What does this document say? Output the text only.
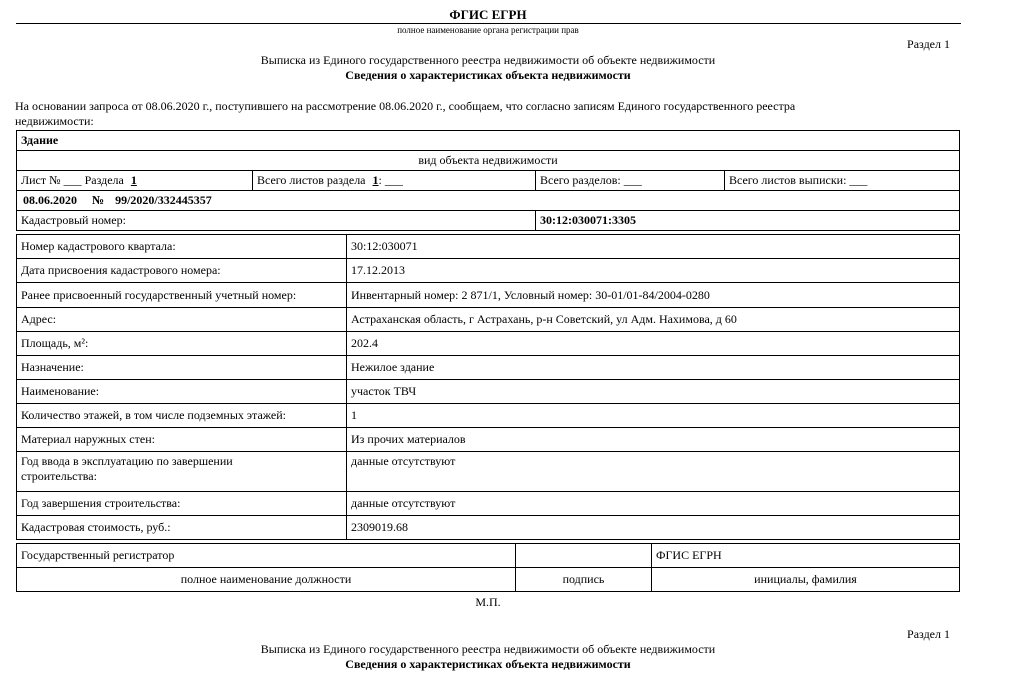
ФГИС ЕГРН
полное наименование органа регистрации прав
Раздел 1
Выписка из Единого государственного реестра недвижимости об объекте недвижимости
Сведения о характеристиках объекта недвижимости
На основании запроса от 08.06.2020 г., поступившего на рассмотрение 08.06.2020 г., сообщаем, что согласно записям Единого государственного реестра
недвижимости:
Здание			
вид объекта недвижимости			
Лист № ___ Раздела 1	Всего листов раздела 1: ___	Всего разделов: ___	Всего листов выписки: ___
08.06.2020 № 99/2020/332445357			
Кадастровый номер:		30:12:030071:3305	
Номер кадастрового квартала:	30:12:030071
Дата присвоения кадастрового номера:	17.12.2013
Ранее присвоенный государственный учетный номер:	Инвентарный номер: 2 871/1, Условный номер: 30-01/01-84/2004-0280
Адрес:	Астраханская область, г Астрахань, р-н Советский, ул Адм. Нахимова, д 60
Площадь, м²:	202.4
Назначение:	Нежилое здание
Наименование:	участок ТВЧ
Количество этажей, в том числе подземных этажей:	1
Материал наружных стен:	Из прочих материалов
Год ввода в эксплуатацию по завершении строительства:	данные отсутствуют
Год завершения строительства:	данные отсутствуют
Кадастровая стоимость, руб.:	2309019.68
Государственный регистратор		ФГИС ЕГРН
полное наименование должности	подпись	инициалы, фамилия
М.П.
Раздел 1
Выписка из Единого государственного реестра недвижимости об объекте недвижимости
Сведения о характеристиках объекта недвижимости
